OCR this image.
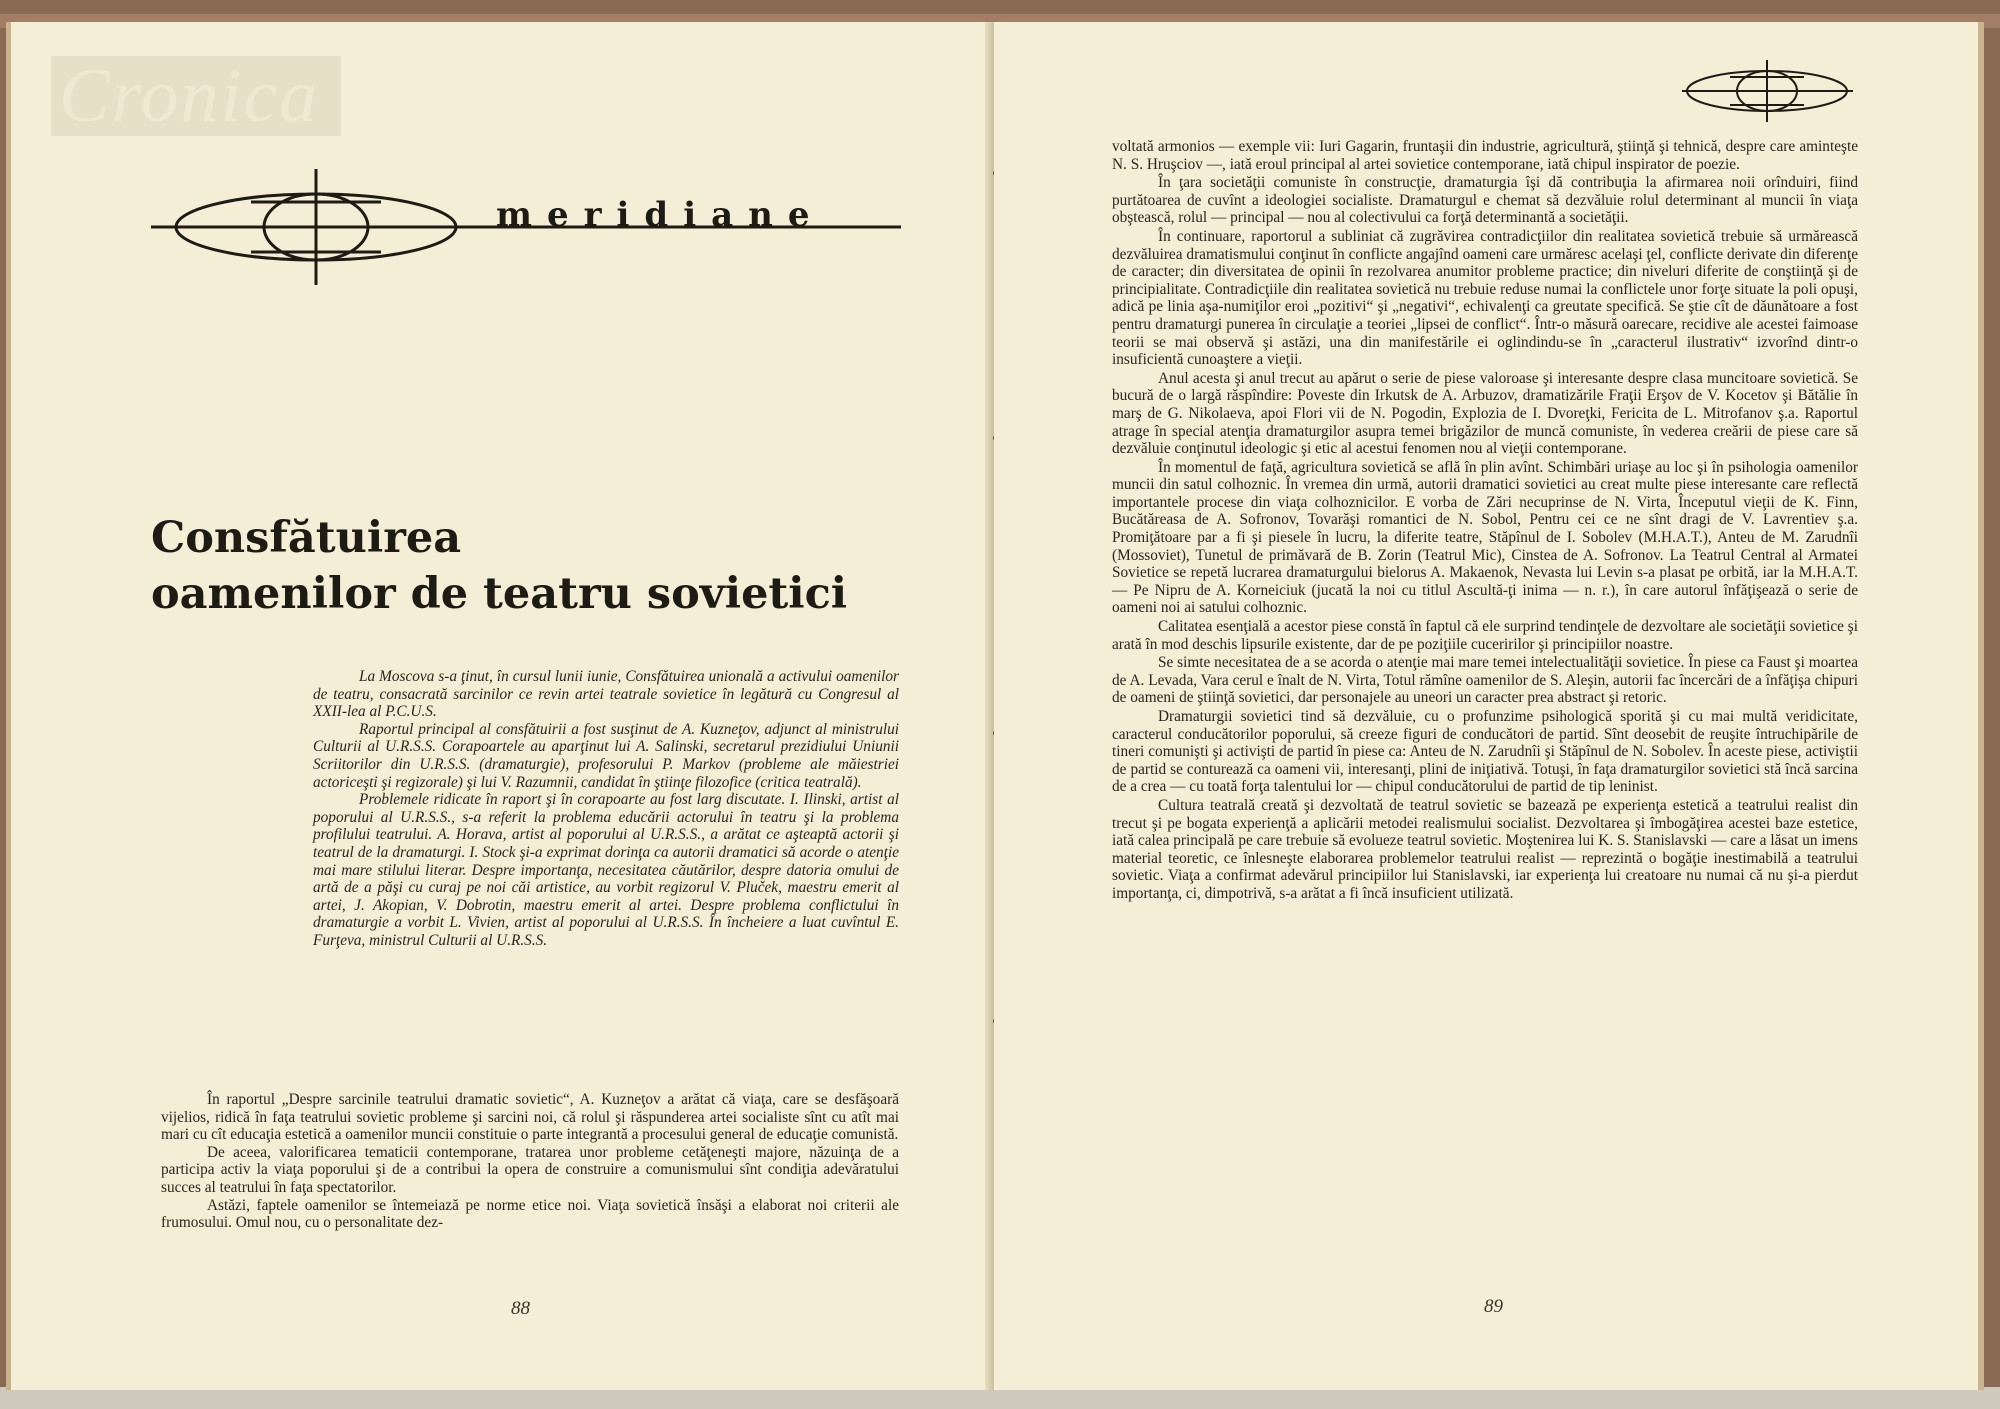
Cronica
meridiane
Consfătuirea
oamenilor de teatru sovietici

La Moscova s-a ţinut, în cursul lunii iunie, Consfătuirea unională a activului oamenilor de teatru, consacrată sarcinilor ce revin artei teatrale sovietice în legătură cu Congresul al XXII-lea al P.C.U.S.

Raportul principal al consfătuirii a fost susţinut de A. Kuzneţov, adjunct al ministrului Culturii al U.R.S.S. Corapoartele au aparţinut lui A. Salinski, secretarul prezidiului Uniunii Scriitorilor din U.R.S.S. (dramaturgie), profesorului P. Markov (probleme ale măiestriei actoriceşti şi regizorale) şi lui V. Razumnii, candidat în ştiinţe filozofice (critica teatrală).

Problemele ridicate în raport şi în corapoarte au fost larg discutate. I. Ilinski, artist al poporului al U.R.S.S., s-a referit la problema educării actorului în teatru şi la problema profilului teatrului. A. Horava, artist al poporului al U.R.S.S., a arătat ce aşteaptă actorii şi teatrul de la dramaturgi. I. Stock şi-a exprimat dorinţa ca autorii dramatici să acorde o atenţie mai mare stilului literar. Despre importanţa, necesitatea căutărilor, despre datoria omului de artă de a păşi cu curaj pe noi căi artistice, au vorbit regizorul V. Pluček, maestru emerit al artei, J. Akopian, V. Dobrotin, maestru emerit al artei. Despre problema conflictului în dramaturgie a vorbit L. Vivien, artist al poporului al U.R.S.S. În încheiere a luat cuvîntul E. Furţeva, ministrul Culturii al U.R.S.S.

În raportul „Despre sarcinile teatrului dramatic sovietic“, A. Kuzneţov a arătat că viaţa, care se desfăşoară vijelios, ridică în faţa teatrului sovietic probleme şi sarcini noi, că rolul şi răspunderea artei socialiste sînt cu atît mai mari cu cît educaţia estetică a oamenilor muncii constituie o parte integrantă a procesului general de educaţie comunistă.

De aceea, valorificarea tematicii contemporane, tratarea unor probleme cetăţeneşti majore, năzuinţa de a participa activ la viaţa poporului şi de a contribui la opera de construire a comunismului sînt condiţia adevăratului succes al teatrului în faţa spectatorilor.

Astăzi, faptele oamenilor se întemeiază pe norme etice noi. Viaţa sovietică însăşi a elaborat noi criterii ale frumosului. Omul nou, cu o personalitate dez-

88

voltată armonios — exemple vii: Iuri Gagarin, fruntaşii din industrie, agricultură, ştiinţă şi tehnică, despre care aminteşte N. S. Hruşciov —, iată eroul principal al artei sovietice contemporane, iată chipul inspirator de poezie.

În ţara societăţii comuniste în construcţie, dramaturgia îşi dă contribuţia la afirmarea noii orînduiri, fiind purtătoarea de cuvînt a ideologiei socialiste. Dramaturgul e chemat să dezvăluie rolul determinant al muncii în viaţa obştească, rolul — principal — nou al colectivului ca forţă determinantă a societăţii.

În continuare, raportorul a subliniat că zugrăvirea contradicţiilor din realitatea sovietică trebuie să urmărească dezvăluirea dramatismului conţinut în conflicte angajînd oameni care urmăresc acelaşi ţel, conflicte derivate din diferenţe de caracter; din diversitatea de opinii în rezolvarea anumitor probleme practice; din niveluri diferite de conştiinţă şi de principialitate. Contradicţiile din realitatea sovietică nu trebuie reduse numai la conflictele unor forţe situate la poli opuşi, adică pe linia aşa-numiţilor eroi „pozitivi“ şi „negativi“, echivalenţi ca greutate specifică. Se ştie cît de dăunătoare a fost pentru dramaturgi punerea în circulaţie a teoriei „lipsei de conflict“. Într-o măsură oarecare, recidive ale acestei faimoase teorii se mai observă şi astăzi, una din manifestările ei oglindindu-se în „caracterul ilustrativ“ izvorînd dintr-o insuficientă cunoaştere a vieţii.

Anul acesta şi anul trecut au apărut o serie de piese valoroase şi interesante despre clasa muncitoare sovietică. Se bucură de o largă răspîndire: Poveste din Irkutsk de A. Arbuzov, dramatizările Fraţii Erşov de V. Kocetov şi Bătălie în marş de G. Nikolaeva, apoi Flori vii de N. Pogodin, Explozia de I. Dvoreţki, Fericita de L. Mitrofanov ş.a. Raportul atrage în special atenţia dramaturgilor asupra temei brigăzilor de muncă comuniste, în vederea creării de piese care să dezvăluie conţinutul ideologic şi etic al acestui fenomen nou al vieţii contemporane.

În momentul de faţă, agricultura sovietică se află în plin avînt. Schimbări uriaşe au loc şi în psihologia oamenilor muncii din satul colhoznic. În vremea din urmă, autorii dramatici sovietici au creat multe piese interesante care reflectă importantele procese din viaţa colhoznicilor. E vorba de Zări necuprinse de N. Virta, Începutul vieţii de K. Finn, Bucătăreasa de A. Sofronov, Tovarăşi romantici de N. Sobol, Pentru cei ce ne sînt dragi de V. Lavrentiev ş.a. Promiţătoare par a fi şi piesele în lucru, la diferite teatre, Stăpînul de I. Sobolev (M.H.A.T.), Anteu de M. Zarudnîi (Mossoviet), Tunetul de primăvară de B. Zorin (Teatrul Mic), Cinstea de A. Sofronov. La Teatrul Central al Armatei Sovietice se repetă lucrarea dramaturgului bielorus A. Makaenok, Nevasta lui Levin s-a plasat pe orbită, iar la M.H.A.T. — Pe Nipru de A. Korneiciuk (jucată la noi cu titlul Ascultă-ţi inima — n. r.), în care autorul înfăţişează o serie de oameni noi ai satului colhoznic.

Calitatea esenţială a acestor piese constă în faptul că ele surprind tendinţele de dezvoltare ale societăţii sovietice şi arată în mod deschis lipsurile existente, dar de pe poziţiile cuceririlor şi principiilor noastre.

Se simte necesitatea de a se acorda o atenţie mai mare temei intelectualităţii sovietice. În piese ca Faust şi moartea de A. Levada, Vara cerul e înalt de N. Virta, Totul rămîne oamenilor de S. Aleşin, autorii fac încercări de a înfăţişa chipuri de oameni de ştiinţă sovietici, dar personajele au uneori un caracter prea abstract şi retoric.

Dramaturgii sovietici tind să dezvăluie, cu o profunzime psihologică sporită şi cu mai multă veridicitate, caracterul conducătorilor poporului, să creeze figuri de conducători de partid. Sînt deosebit de reuşite întruchipările de tineri comunişti şi activişti de partid în piese ca: Anteu de N. Zarudnîi şi Stăpînul de N. Sobolev. În aceste piese, activiştii de partid se conturează ca oameni vii, interesanţi, plini de iniţiativă. Totuşi, în faţa dramaturgilor sovietici stă încă sarcina de a crea — cu toată forţa talentului lor — chipul conducătorului de partid de tip leninist.

Cultura teatrală creată şi dezvoltată de teatrul sovietic se bazează pe experienţa estetică a teatrului realist din trecut şi pe bogata experienţă a aplicării metodei realismului socialist. Dezvoltarea şi îmbogăţirea acestei baze estetice, iată calea principală pe care trebuie să evolueze teatrul sovietic. Moştenirea lui K. S. Stanislavski — care a lăsat un imens material teoretic, ce înlesneşte elaborarea problemelor teatrului realist — reprezintă o bogăţie inestimabilă a teatrului sovietic. Viaţa a confirmat adevărul principiilor lui Stanislavski, iar experienţa lui creatoare nu numai că nu şi-a pierdut importanţa, ci, dimpotrivă, s-a arătat a fi încă insuficient utilizată.

89
